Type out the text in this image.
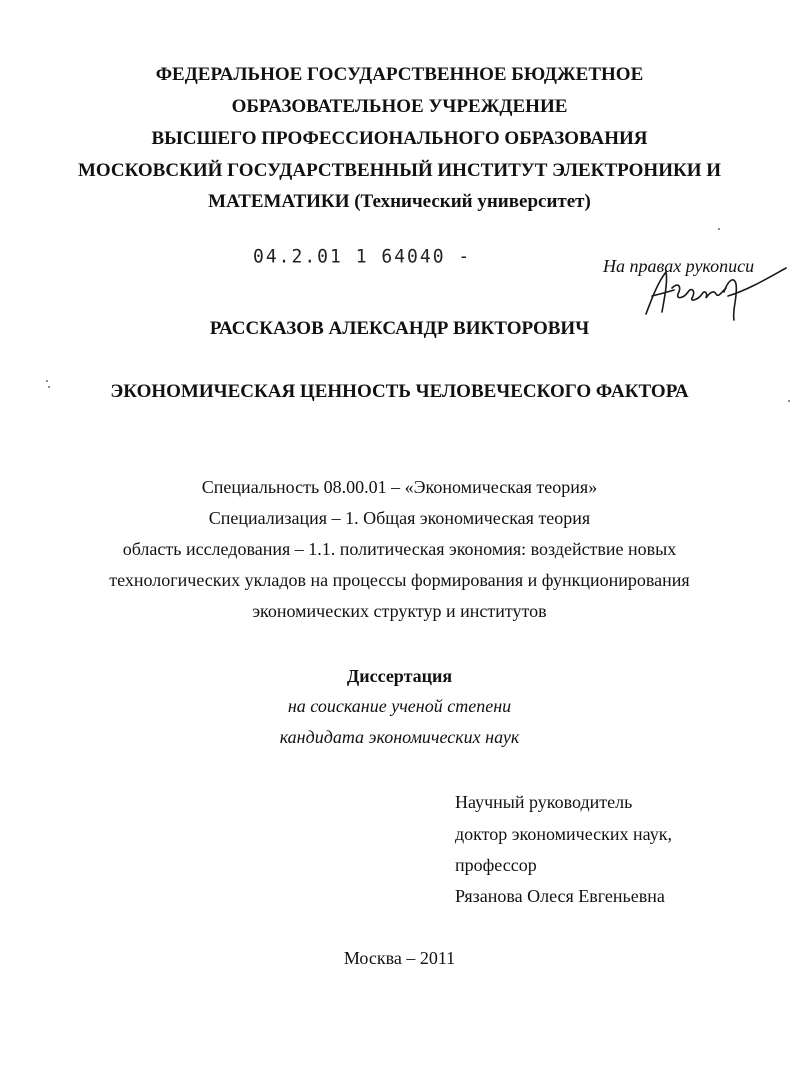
ФЕДЕРАЛЬНОЕ ГОСУДАРСТВЕННОЕ БЮДЖЕТНОЕ
ОБРАЗОВАТЕЛЬНОЕ УЧРЕЖДЕНИЕ
ВЫСШЕГО ПРОФЕССИОНАЛЬНОГО ОБРАЗОВАНИЯ
МОСКОВСКИЙ ГОСУДАРСТВЕННЫЙ ИНСТИТУТ ЭЛЕКТРОНИКИ И
МАТЕМАТИКИ (Технический университет)
04.2.01 1 64040 -	На правах рукописи
РАССКАЗОВ АЛЕКСАНДР ВИКТОРОВИЧ
ЭКОНОМИЧЕСКАЯ ЦЕННОСТЬ ЧЕЛОВЕЧЕСКОГО ФАКТОРА
Специальность 08.00.01 – «Экономическая теория»
Специализация – 1. Общая экономическая теория
область исследования – 1.1. политическая экономия: воздействие новых
технологических укладов на процессы формирования и функционирования
экономических структур и институтов
Диссертация
на соискание ученой степени
кандидата экономических наук
Научный руководитель
доктор экономических наук,
профессор
Рязанова Олеся Евгеньевна
Москва – 2011
